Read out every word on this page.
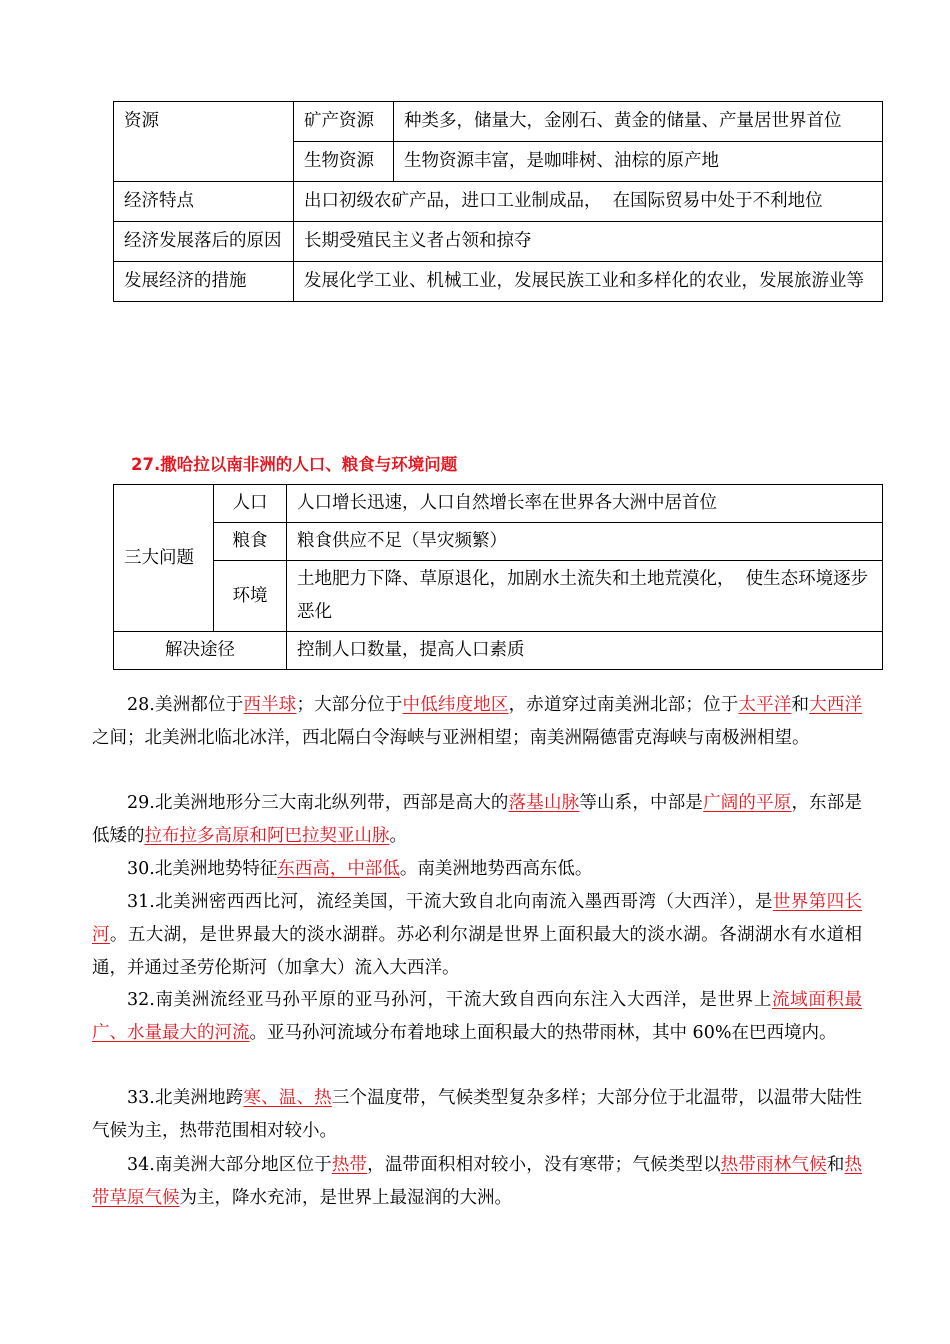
资源	矿产资源	种类多，储量大，金刚石、黄金的储量、产量居世界首位
	生物资源	生物资源丰富，是咖啡树、油棕的原产地
经济特点	出口初级农矿产品，进口工业制成品，  在国际贸易中处于不利地位	
经济发展落后的原因	长期受殖民主义者占领和掠夺	
发展经济的措施	发展化学工业、机械工业，发展民族工业和多样化的农业，发展旅游业等	
27.撒哈拉以南非洲的人口、粮食与环境问题
三大问题	人口	人口增长迅速，人口自然增长率在世界各大洲中居首位
	粮食	粮食供应不足（旱灾频繁）
	环境	土地肥力下降、草原退化，加剧水土流失和土地荒漠化，  使生态环境逐步恶化
解决途径		控制人口数量，提高人口素质
28.美洲都位于西半球；大部分位于中低纬度地区，赤道穿过南美洲北部；位于太平洋和大西洋之间；北美洲北临北冰洋，西北隔白令海峡与亚洲相望；南美洲隔德雷克海峡与南极洲相望。
29.北美洲地形分三大南北纵列带，西部是高大的落基山脉等山系，中部是广阔的平原，东部是低矮的拉布拉多高原和阿巴拉契亚山脉。
30.北美洲地势特征东西高，中部低。南美洲地势西高东低。
31.北美洲密西西比河，流经美国，干流大致自北向南流入墨西哥湾（大西洋），是世界第四长河。五大湖，是世界最大的淡水湖群。苏必利尔湖是世界上面积最大的淡水湖。各湖湖水有水道相通，并通过圣劳伦斯河（加拿大）流入大西洋。
32.南美洲流经亚马孙平原的亚马孙河，干流大致自西向东注入大西洋，是世界上流域面积最广、水量最大的河流。亚马孙河流域分布着地球上面积最大的热带雨林，其中 60%在巴西境内。
33.北美洲地跨寒、温、热三个温度带，气候类型复杂多样；大部分位于北温带，以温带大陆性气候为主，热带范围相对较小。
34.南美洲大部分地区位于热带，温带面积相对较小，没有寒带；气候类型以热带雨林气候和热带草原气候为主，降水充沛，是世界上最湿润的大洲。
